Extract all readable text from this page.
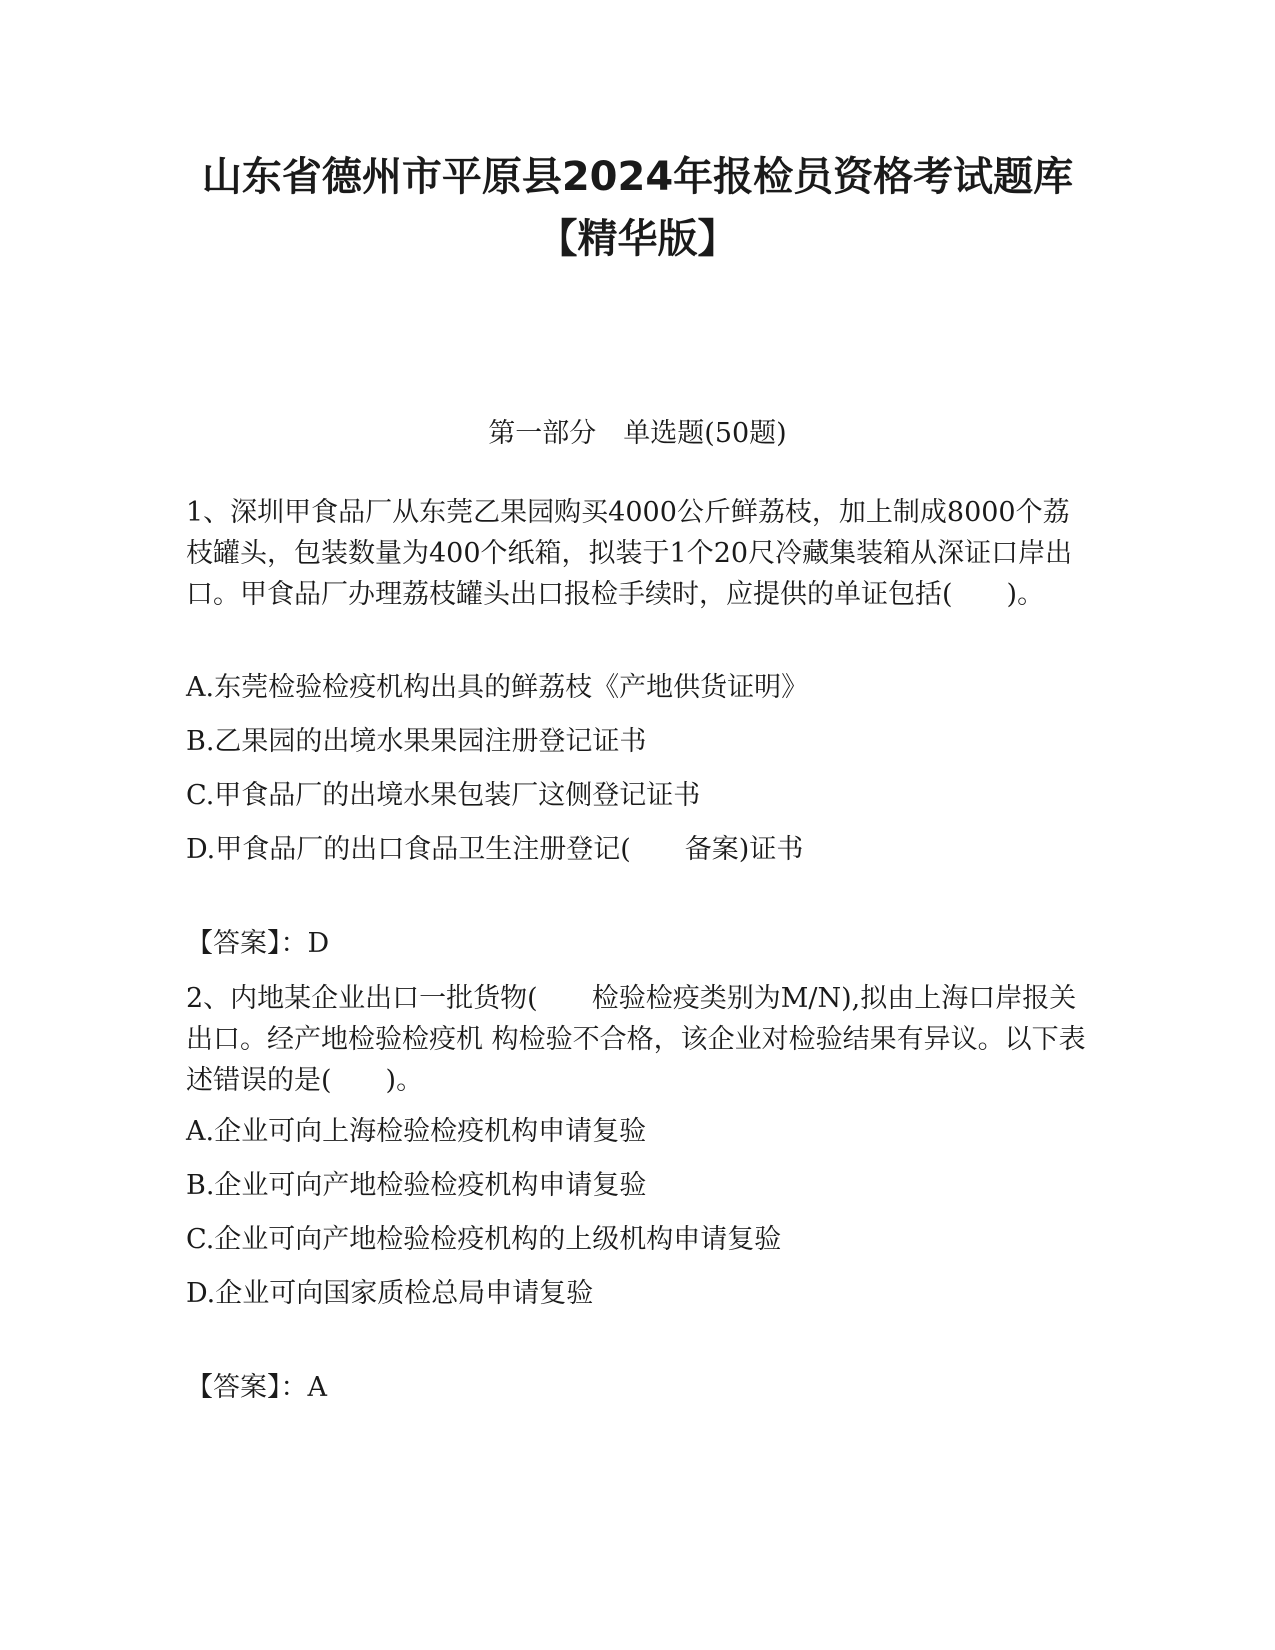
山东省德州市平原县2024年报检员资格考试题库
【精华版】
第一部分　单选题(50题)

1、深圳甲食品厂从东莞乙果园购买4000公斤鲜荔枝，加上制成8000个荔枝罐头，包装数量为400个纸箱，拟装于1个20尺冷藏集装箱从深证口岸出口。甲食品厂办理荔枝罐头出口报检手续时，应提供的单证包括(　　)。

A.东莞检验检疫机构出具的鲜荔枝《产地供货证明》
B.乙果园的出境水果果园注册登记证书
C.甲食品厂的出境水果包装厂这侧登记证书
D.甲食品厂的出口食品卫生注册登记(　　备案)证书
【答案】：D

2、内地某企业出口一批货物(　　检验检疫类别为M/N),拟由上海口岸报关出口。经产地检验检疫机 构检验不合格，该企业对检验结果有异议。以下表述错误的是(　　)。

A.企业可向上海检验检疫机构申请复验
B.企业可向产地检验检疫机构申请复验
C.企业可向产地检验检疫机构的上级机构申请复验
D.企业可向国家质检总局申请复验
【答案】：A
